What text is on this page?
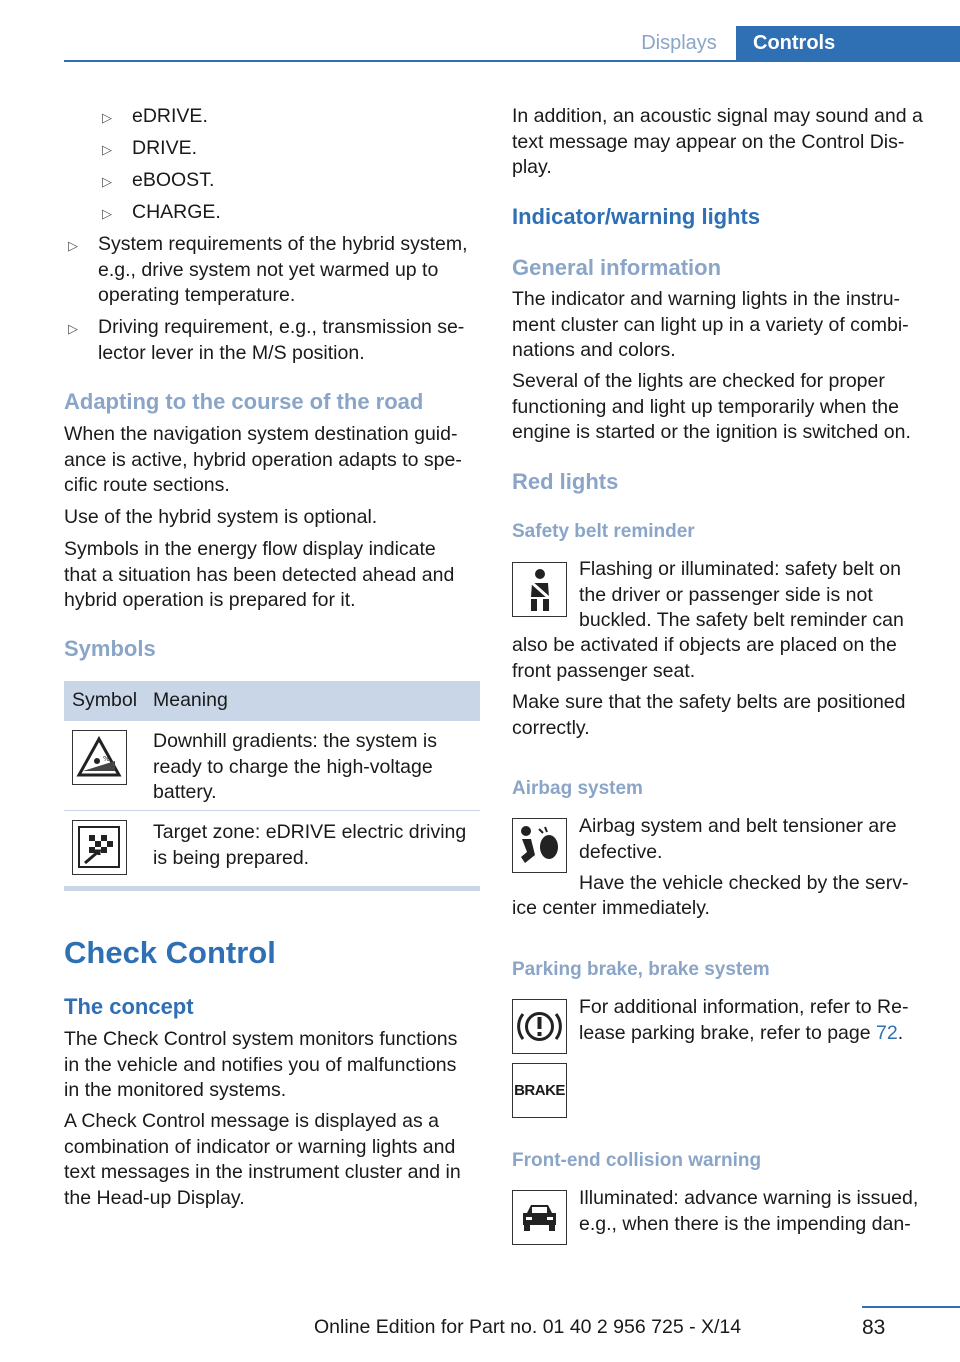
Displays	Controls
▷ eDRIVE.
▷ DRIVE.
▷ eBOOST.
▷ CHARGE.
▷ System requirements of the hybrid system,
e.g., drive system not yet warmed up to
operating temperature.
▷ Driving requirement, e.g., transmission se-
lector lever in the M/S position.
Adapting to the course of the road
When the navigation system destination guid-
ance is active, hybrid operation adapts to spe-
cific route sections.
Use of the hybrid system is optional.
Symbols in the energy flow display indicate
that a situation has been detected ahead and
hybrid operation is prepared for it.
Symbols
Symbol Meaning
%
Downhill gradients: the system is
ready to charge the high-voltage
battery.
Target zone: eDRIVE electric driving
is being prepared.
Check Control
The concept
The Check Control system monitors functions
in the vehicle and notifies you of malfunctions
in the monitored systems.
A Check Control message is displayed as a
combination of indicator or warning lights and
text messages in the instrument cluster and in
the Head-up Display.
In addition, an acoustic signal may sound and a
text message may appear on the Control Dis-
play.
Indicator/warning lights
General information
The indicator and warning lights in the instru-
ment cluster can light up in a variety of combi-
nations and colors.
Several of the lights are checked for proper
functioning and light up temporarily when the
engine is started or the ignition is switched on.
Red lights
Safety belt reminder
Flashing or illuminated: safety belt on
the driver or passenger side is not
buckled. The safety belt reminder can
also be activated if objects are placed on the
front passenger seat.
Make sure that the safety belts are positioned
correctly.
Airbag system
Airbag system and belt tensioner are
defective.
Have the vehicle checked by the serv-
ice center immediately.
Parking brake, brake system
For additional information, refer to Re-
lease parking brake, refer to page 72.
BRAKE
Front-end collision warning
Illuminated: advance warning is issued,
e.g., when there is the impending dan-
83
Online Edition for Part no. 01 40 2 956 725 - X/14
